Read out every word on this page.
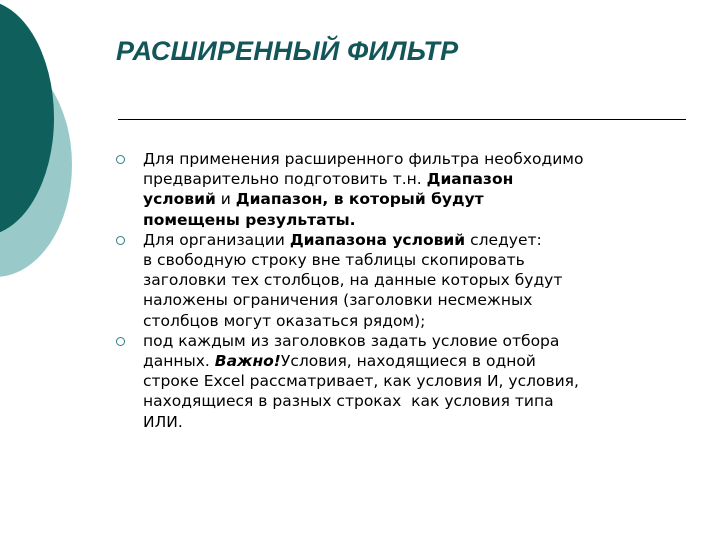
РАСШИРЕННЫЙ ФИЛЬТР
Для применения расширенного фильтра необходимо
предварительно подготовить т.н. Диапазон
условий и Диапазон, в который будут
помещены результаты.
Для организации Диапазона условий следует:
в свободную строку вне таблицы скопировать
заголовки тех столбцов, на данные которых будут
наложены ограничения (заголовки несмежных
столбцов могут оказаться рядом);
под каждым из заголовков задать условие отбора
данных. Важно!Условия, находящиеся в одной
строке Excel рассматривает, как условия И, условия,
находящиеся в разных строках  как условия типа
ИЛИ.
